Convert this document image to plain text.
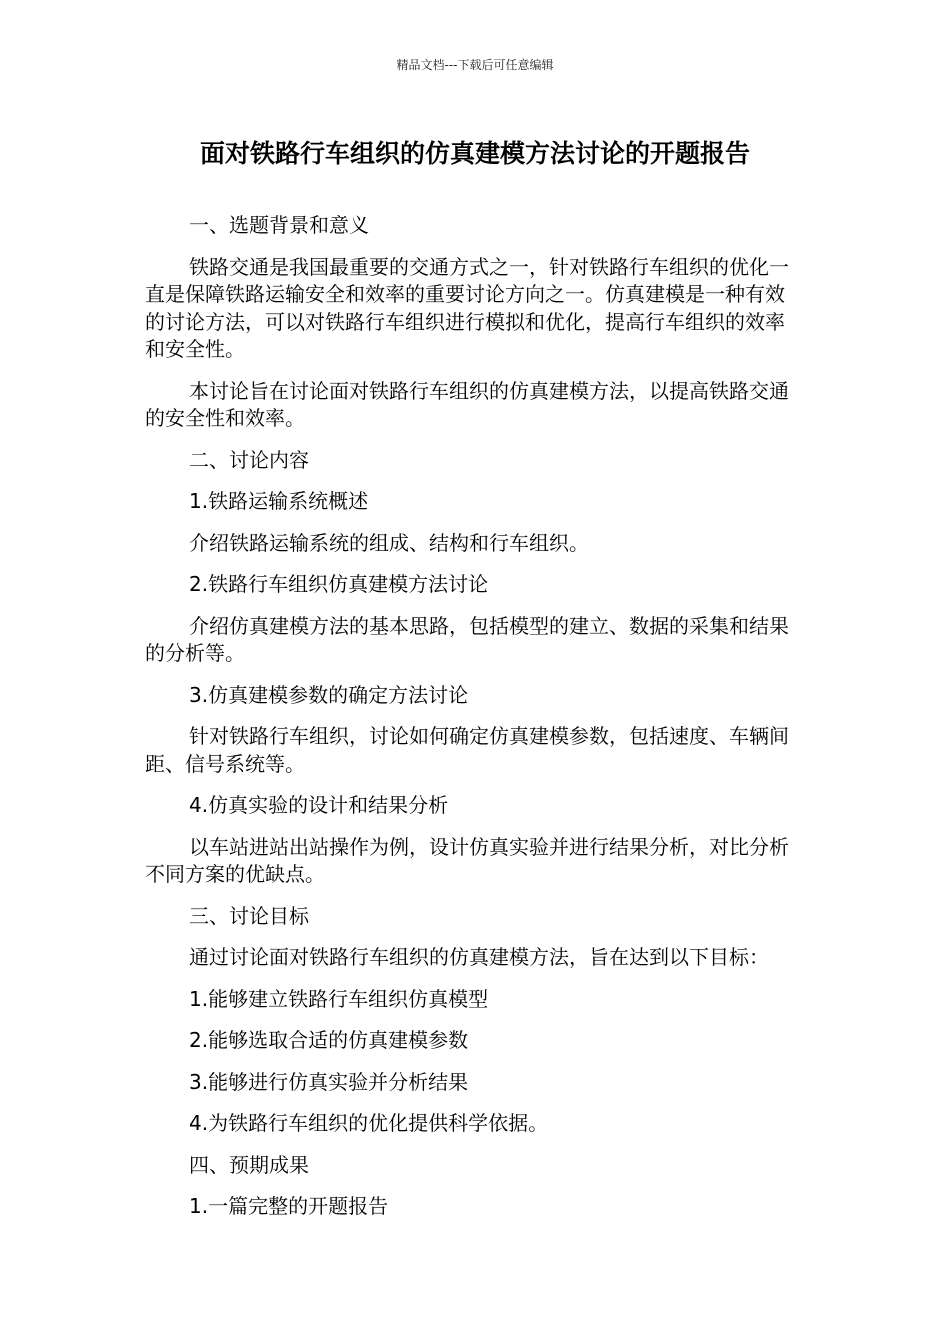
精品文档---下载后可任意编辑
面对铁路行车组织的仿真建模方法讨论的开题报告

一、选题背景和意义

铁路交通是我国最重要的交通方式之一，针对铁路行车组织的优化一直是保障铁路运输安全和效率的重要讨论方向之一。仿真建模是一种有效的讨论方法，可以对铁路行车组织进行模拟和优化，提高行车组织的效率和安全性。

本讨论旨在讨论面对铁路行车组织的仿真建模方法，以提高铁路交通的安全性和效率。

二、讨论内容

1.铁路运输系统概述

介绍铁路运输系统的组成、结构和行车组织。

2.铁路行车组织仿真建模方法讨论

介绍仿真建模方法的基本思路，包括模型的建立、数据的采集和结果的分析等。

3.仿真建模参数的确定方法讨论

针对铁路行车组织，讨论如何确定仿真建模参数，包括速度、车辆间距、信号系统等。

4.仿真实验的设计和结果分析

以车站进站出站操作为例，设计仿真实验并进行结果分析，对比分析不同方案的优缺点。

三、讨论目标

通过讨论面对铁路行车组织的仿真建模方法，旨在达到以下目标：

1.能够建立铁路行车组织仿真模型

2.能够选取合适的仿真建模参数

3.能够进行仿真实验并分析结果

4.为铁路行车组织的优化提供科学依据。

四、预期成果

1.一篇完整的开题报告
